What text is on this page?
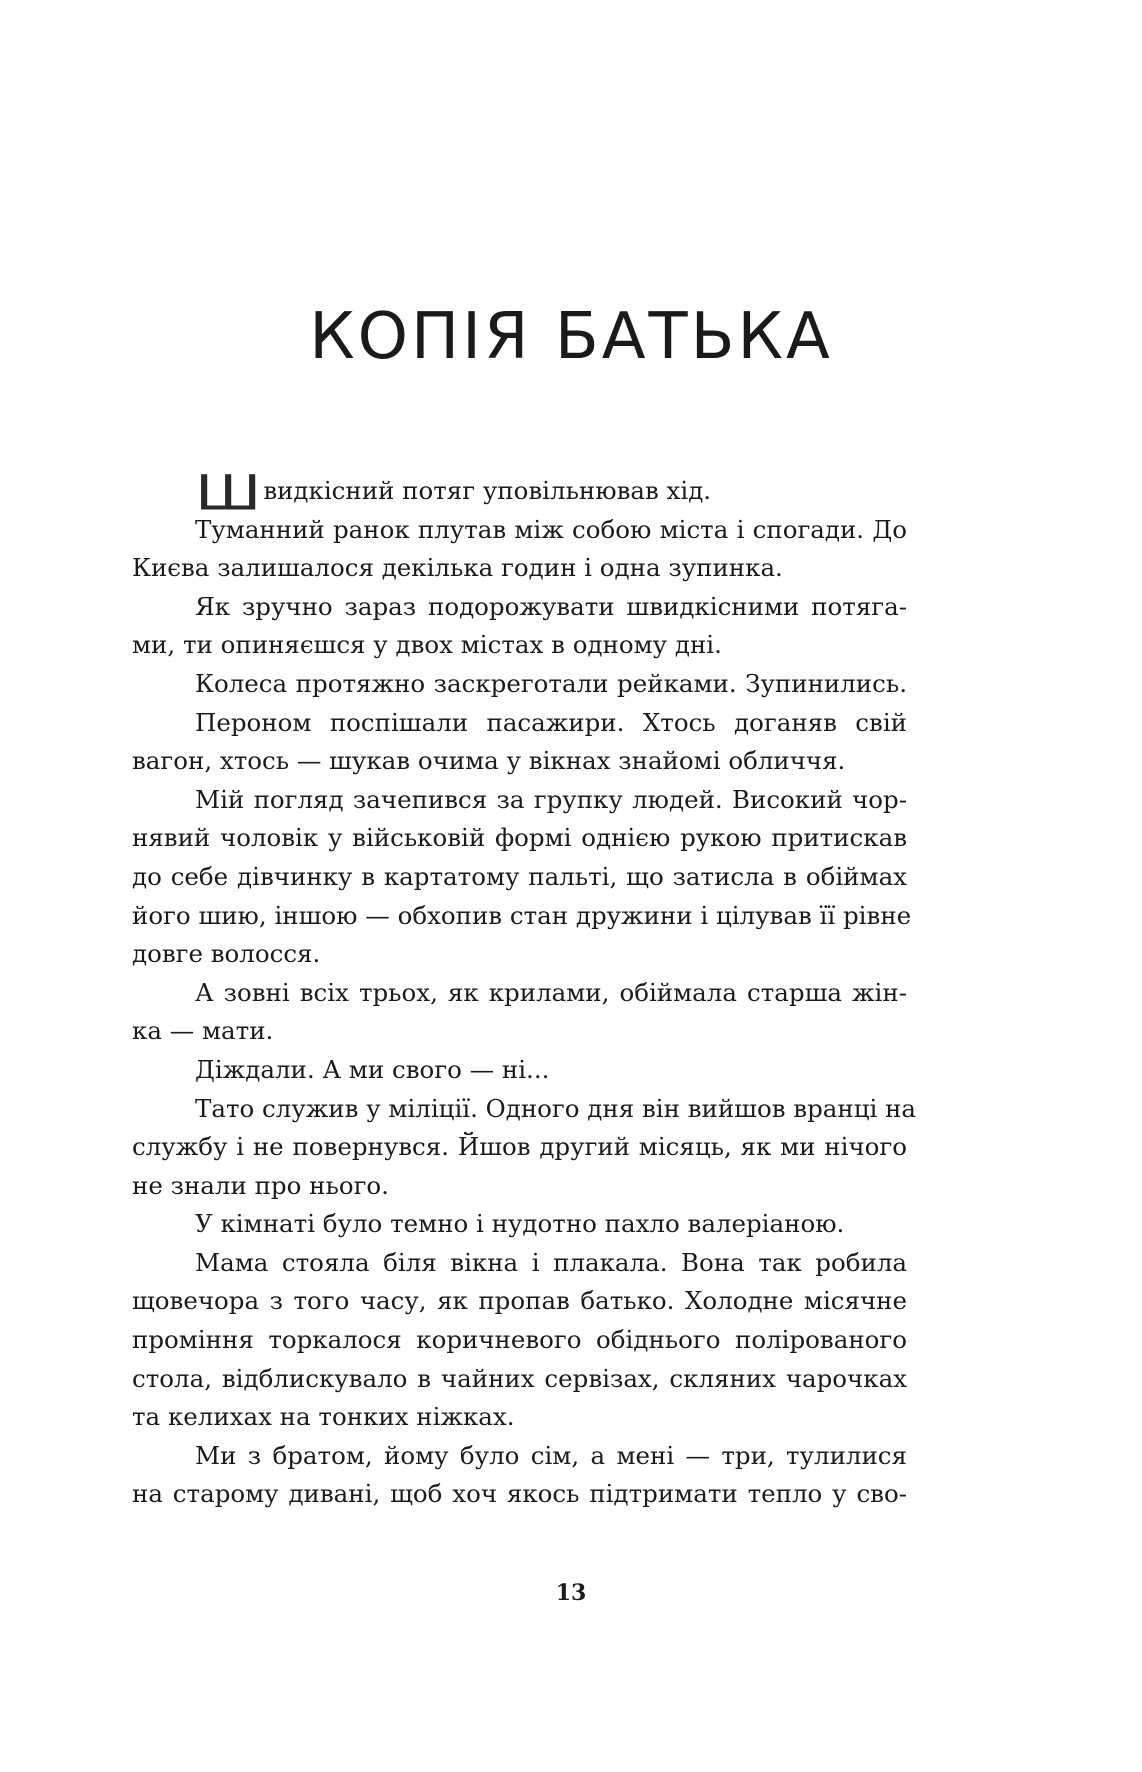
КОПІЯ БАТЬКА
Швидкісний потяг уповільнював хід.
Туманний ранок плутав між собою міста і спогади. До
Києва залишалося декілька годин і одна зупинка.
Як зручно зараз подорожувати швидкісними потяга-
ми, ти опиняєшся у двох містах в одному дні.
Колеса протяжно заскреготали рейками. Зупинились.
Пероном поспішали пасажири. Хтось доганяв свій
вагон, хтось — шукав очима у вікнах знайомі обличчя.
Мій погляд зачепився за групку людей. Високий чор-
нявий чоловік у військовій формі однією рукою притискав
до себе дівчинку в картатому пальті, що затисла в обіймах
його шию, іншою — обхопив стан дружини і цілував її рівне
довге волосся.
А зовні всіх трьох, як крилами, обіймала старша жін-
ка — мати.
Діждали. А ми свого — ні...
Тато служив у міліції. Одного дня він вийшов вранці на
службу і не повернувся. Йшов другий місяць, як ми нічого
не знали про нього.
У кімнаті було темно і нудотно пахло валеріаною.
Мама стояла біля вікна і плакала. Вона так робила
щовечора з того часу, як пропав батько. Холодне місячне
проміння торкалося коричневого обіднього полірованого
стола, відблискувало в чайних сервізах, скляних чарочках
та келихах на тонких ніжках.
Ми з братом, йому було сім, а мені — три, тулилися
на старому дивані, щоб хоч якось підтримати тепло у сво-
13
